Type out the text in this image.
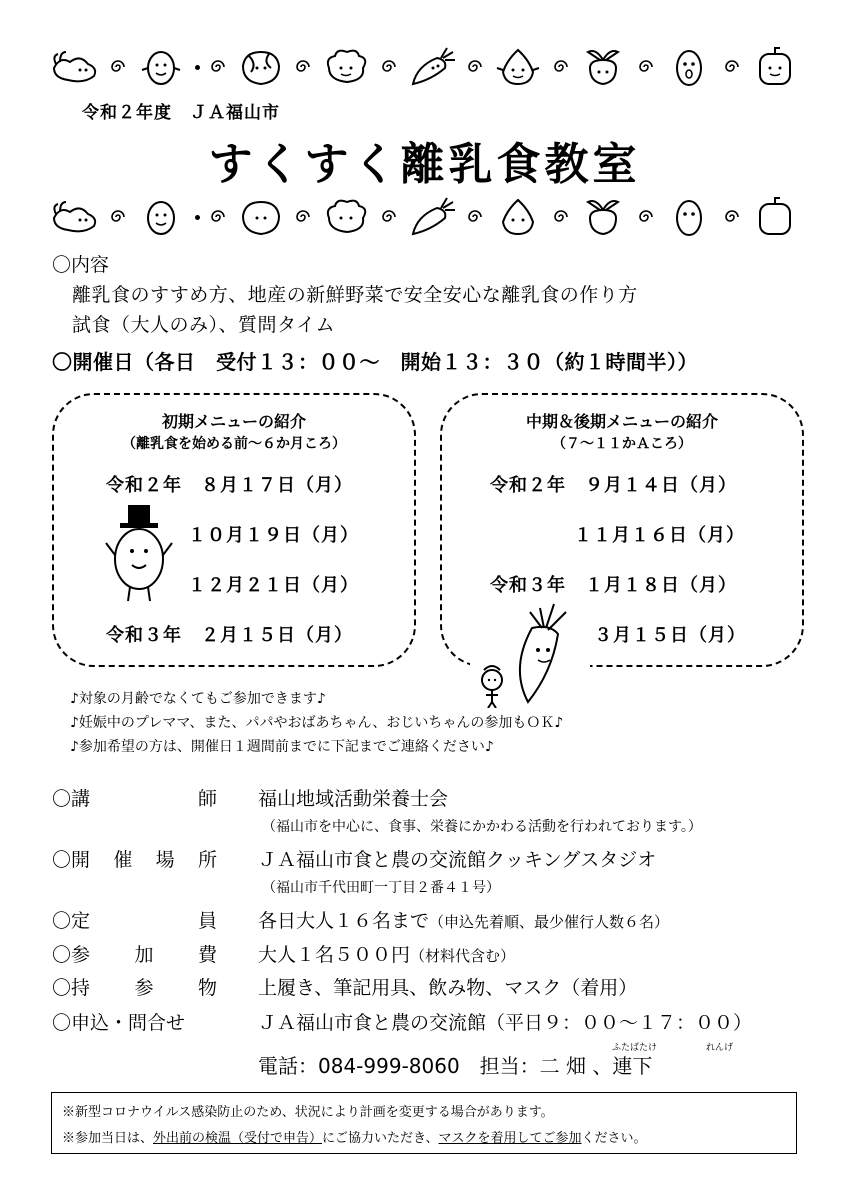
令和２年度　ＪＡ福山市
すくすく離乳食教室
〇内容
離乳食のすすめ方、地産の新鮮野菜で安全安心な離乳食の作り方
試食（大人のみ）、質問タイム
〇開催日（各日　受付１３：００～　開始１３：３０（約１時間半））
初期メニューの紹介
（離乳食を始める前～６か月ころ）
令和２年　８月１７日（月）
１０月１９日（月）
１２月２１日（月）
令和３年　２月１５日（月）
中期＆後期メニューの紹介
（７～１１かＡころ）
令和２年　９月１４日（月）
１１月１６日（月）
令和３年　１月１８日（月）
３月１５日（月）
♪対象の月齢でなくてもご参加できます♪
♪妊娠中のプレママ、また、パパやおばあちゃん、おじいちゃんの参加もＯＫ♪
♪参加希望の方は、開催日１週間前までに下記までご連絡ください♪
〇講	師 福山地域活動栄養士会
（福山市を中心に、食事、栄養にかかわる活動を行われております。）
〇開 催 場 所 ＪＡ福山市食と農の交流館クッキングスタジオ
（福山市千代田町一丁目２番４１号）
〇定	員 各日大人１６名まで（申込先着順、最少催行人数６名）
〇参 加 費 大人１名５００円（材料代含む）
〇持 参 物 上履き、筆記用具、飲み物、マスク（着用）
〇申込・問合せ	ＪＡ福山市食と農の交流館（平日９：００～１７：００）
ふたばたけ	れんげ
電話：084-999-8060　担当：二 畑 、連下
※新型コロナウイルス感染防止のため、状況により計画を変更する場合があります。
※参加当日は、外出前の検温（受付で申告）にご協力いただき、マスクを着用してご参加ください。
